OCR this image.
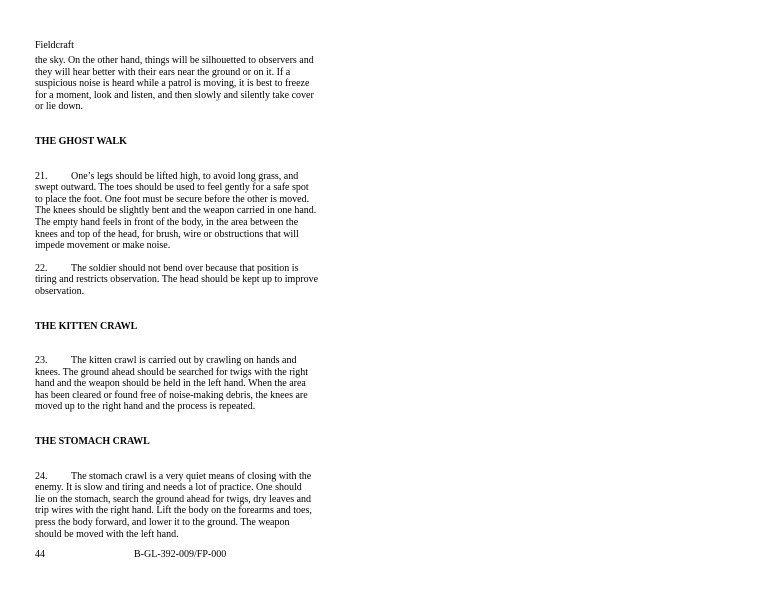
Fieldcraft

the sky. On the other hand, things will be silhouetted to observers and

they will hear better with their ears near the ground or on it. If a

suspicious noise is heard while a patrol is moving, it is best to freeze

for a moment, look and listen, and then slowly and silently take cover

or lie down.

THE GHOST WALK

21. One’s legs should be lifted high, to avoid long grass, and

swept outward. The toes should be used to feel gently for a safe spot

to place the foot. One foot must be secure before the other is moved.

The knees should be slightly bent and the weapon carried in one hand.

The empty hand feels in front of the body, in the area between the

knees and top of the head, for brush, wire or obstructions that will

impede movement or make noise.

22. The soldier should not bend over because that position is

tiring and restricts observation. The head should be kept up to improve

observation.

THE KITTEN CRAWL

23. The kitten crawl is carried out by crawling on hands and

knees. The ground ahead should be searched for twigs with the right

hand and the weapon should be held in the left hand. When the area

has been cleared or found free of noise-making debris, the knees are

moved up to the right hand and the process is repeated.

THE STOMACH CRAWL

24. The stomach crawl is a very quiet means of closing with the

enemy. It is slow and tiring and needs a lot of practice. One should

lie on the stomach, search the ground ahead for twigs, dry leaves and

trip wires with the right hand. Lift the body on the forearms and toes,

press the body forward, and lower it to the ground. The weapon

should be moved with the left hand.

44	B-GL-392-009/FP-000
